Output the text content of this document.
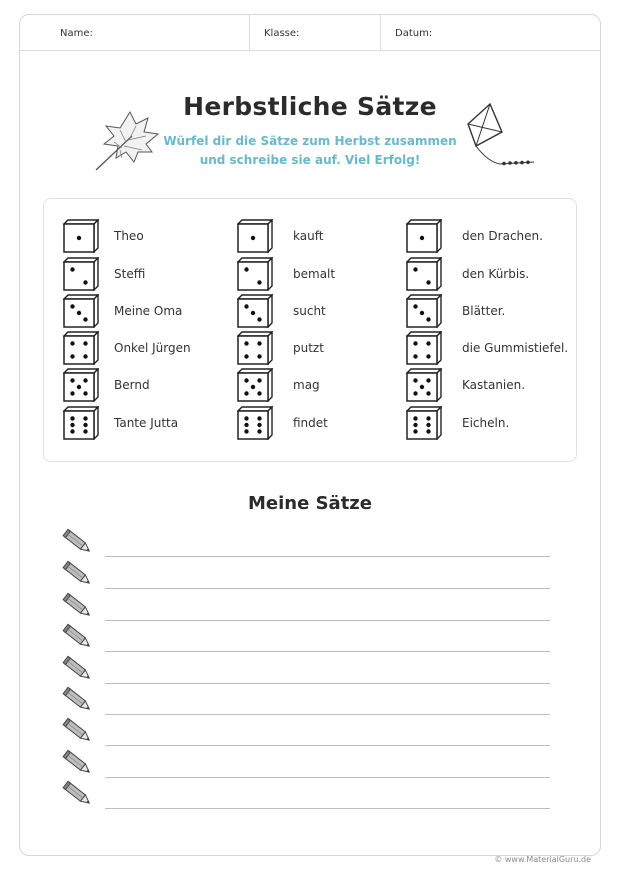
Name:	Klasse:	Datum:
Herbstliche Sätze
Würfel dir die Sätze zum Herbst zusammen
und schreibe sie auf. Viel Erfolg!
Theo
Steffi
Meine Oma
Onkel Jürgen
Bernd
Tante Jutta
kauft
bemalt
sucht
putzt
mag
findet
den Drachen.
den Kürbis.
Blätter.
die Gummistiefel.
Kastanien.
Eicheln.
Meine Sätze
© www.MaterialGuru.de
